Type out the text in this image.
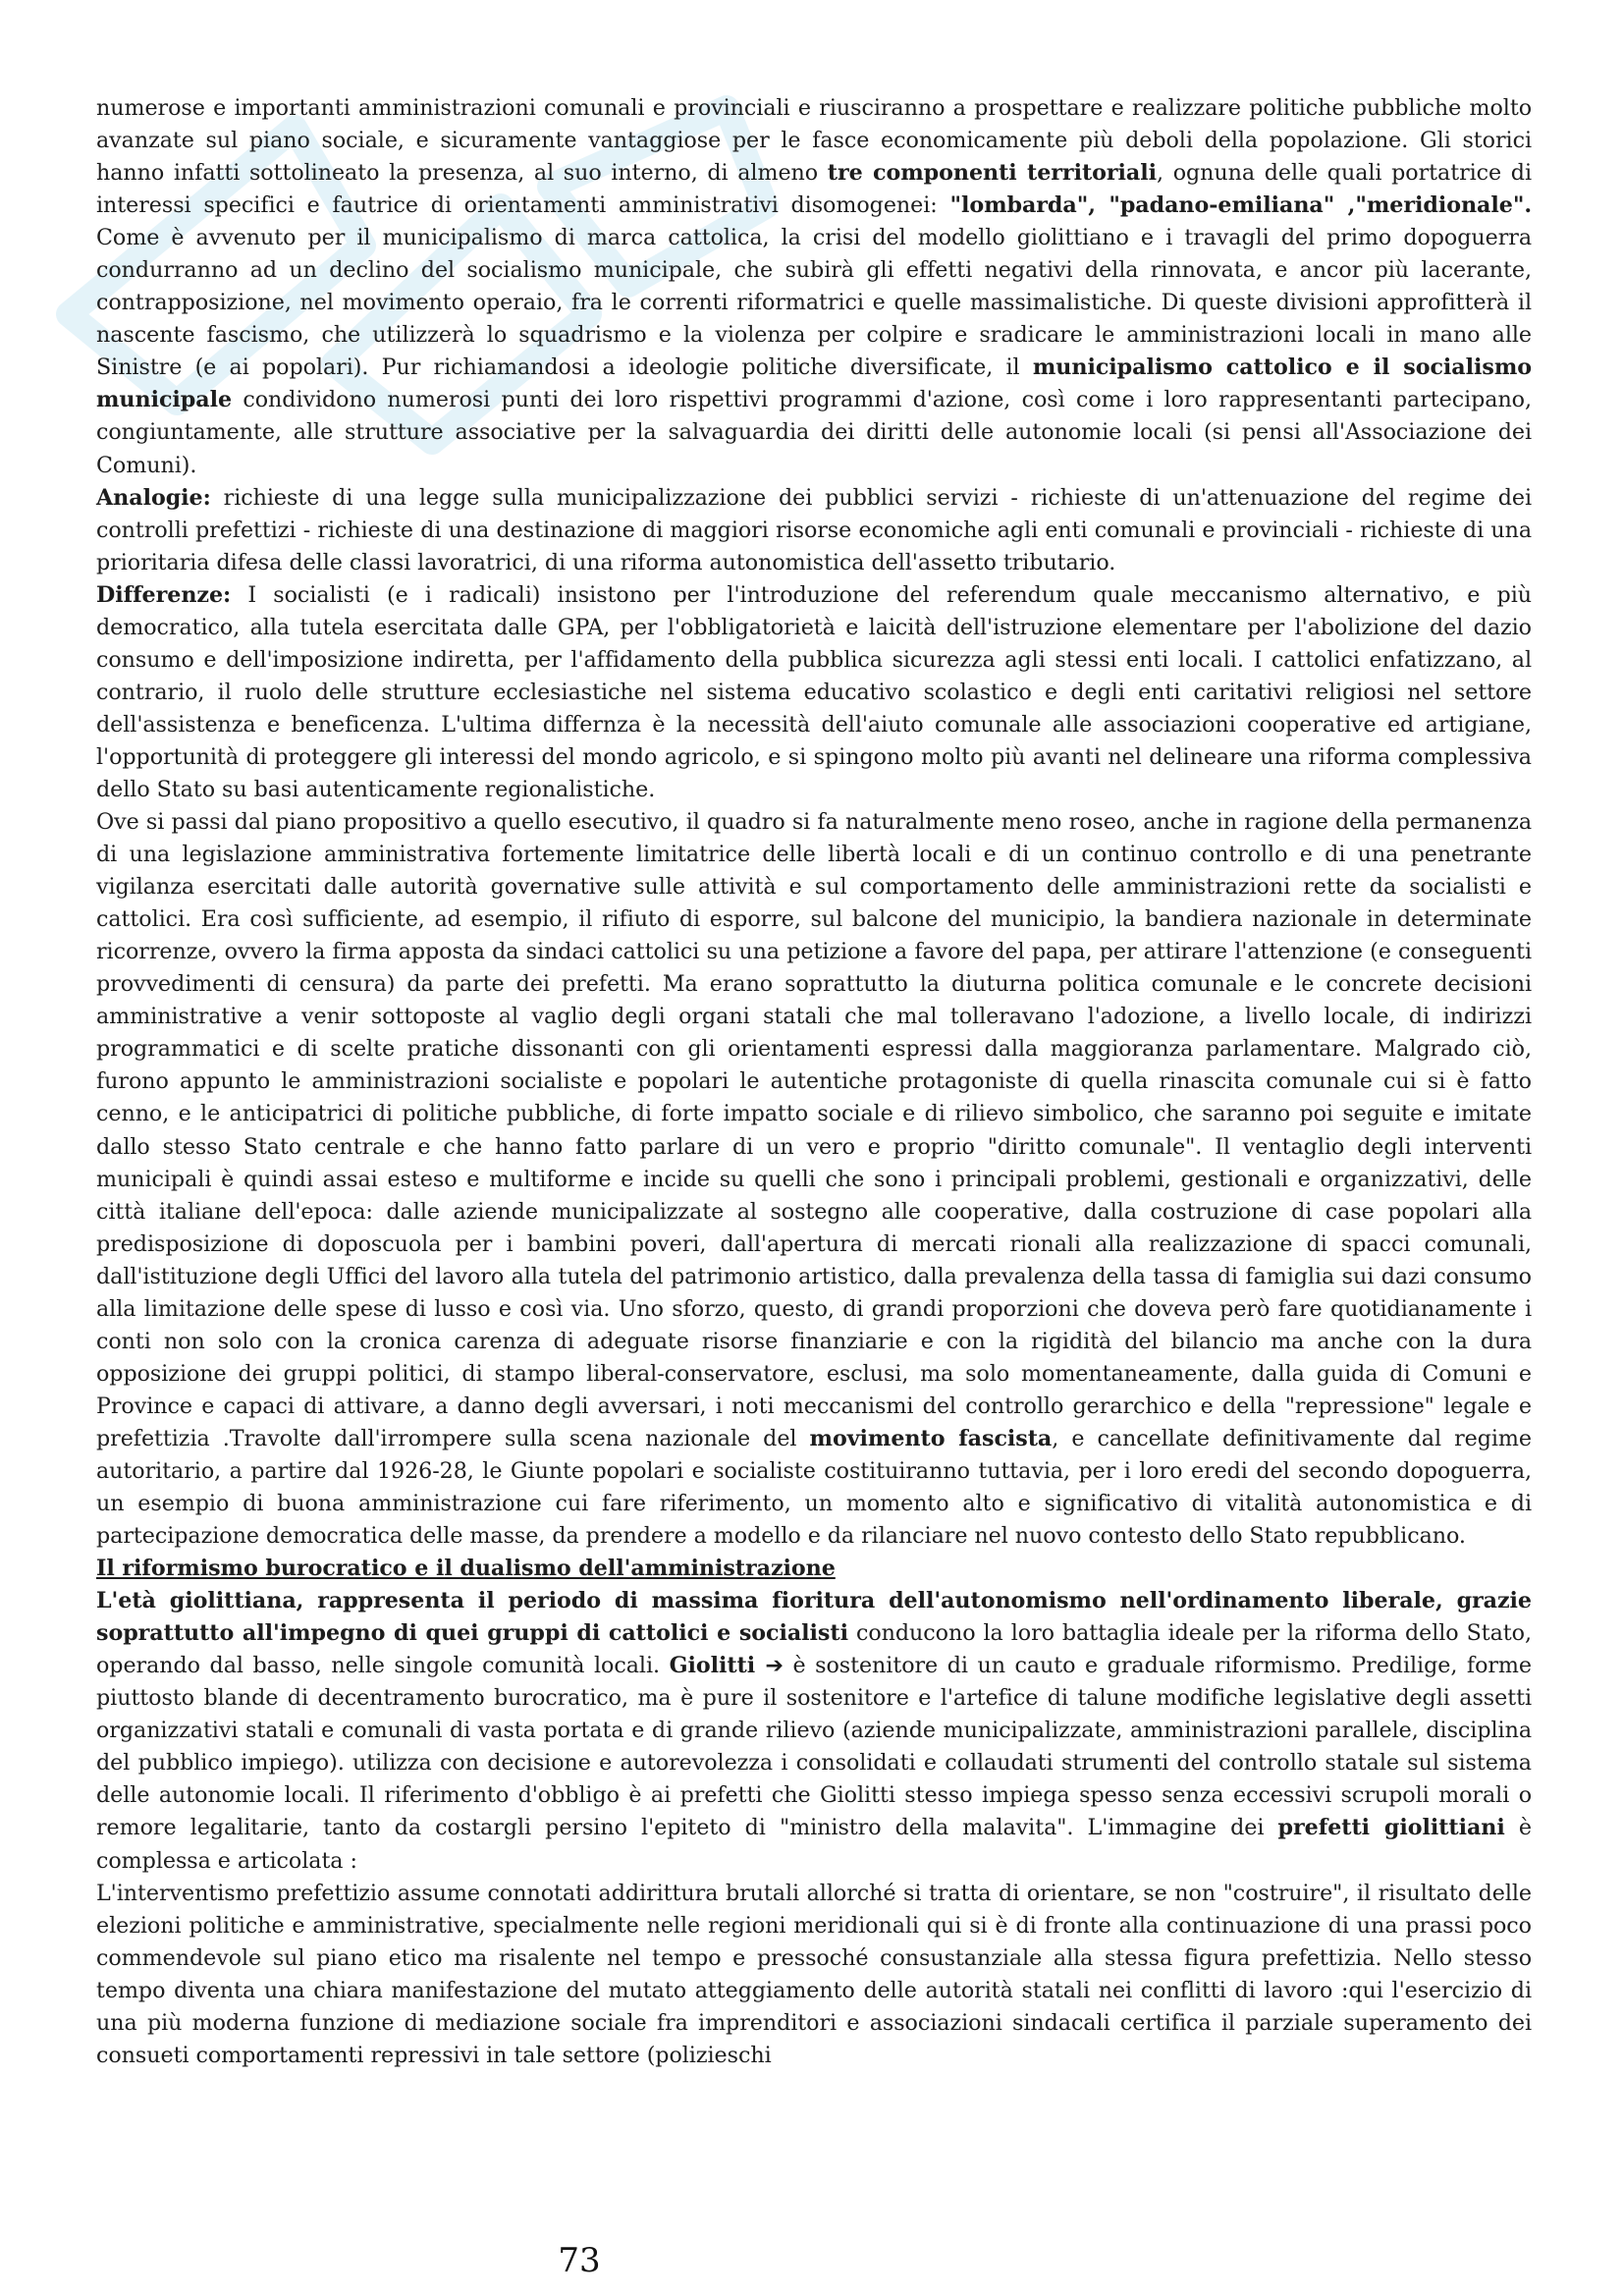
numerose e importanti amministrazioni comunali e provinciali e riusciranno a prospettare e realizzare politiche pubbliche molto avanzate sul piano sociale, e sicuramente vantaggiose per le fasce economicamente più deboli della popolazione. Gli storici hanno infatti sottolineato la presenza, al suo interno, di almeno tre componenti territoriali, ognuna delle quali portatrice di interessi specifici e fautrice di orientamenti amministrativi disomogenei: "lombarda", "padano-emiliana" ,"meridionale". Come è avvenuto per il municipalismo di marca cattolica, la crisi del modello giolittiano e i travagli del primo dopoguerra condurranno ad un declino del socialismo municipale, che subirà gli effetti negativi della rinnovata, e ancor più lacerante, contrapposizione, nel movimento operaio, fra le correnti riformatrici e quelle massimalistiche. Di queste divisioni approfitterà il nascente fascismo, che utilizzerà lo squadrismo e la violenza per colpire e sradicare le amministrazioni locali in mano alle Sinistre (e ai popolari). Pur richiamandosi a ideologie politiche diversificate, il municipalismo cattolico e il socialismo municipale condividono numerosi punti dei loro rispettivi programmi d'azione, così come i loro rappresentanti partecipano, congiuntamente, alle strutture associative per la salvaguardia dei diritti delle autonomie locali (si pensi all'Associazione dei Comuni).

Analogie: richieste di una legge sulla municipalizzazione dei pubblici servizi - richieste di un'attenuazione del regime dei controlli prefettizi - richieste di una destinazione di maggiori risorse economiche agli enti comunali e provinciali - richieste di una prioritaria difesa delle classi lavoratrici, di una riforma autonomistica dell'assetto tributario.

Differenze: I socialisti (e i radicali) insistono per l'introduzione del referendum quale meccanismo alternativo, e più democratico, alla tutela esercitata dalle GPA, per l'obbligatorietà e laicità dell'istruzione elementare per l'abolizione del dazio consumo e dell'imposizione indiretta, per l'affidamento della pubblica sicurezza agli stessi enti locali. I cattolici enfatizzano, al contrario, il ruolo delle strutture ecclesiastiche nel sistema educativo scolastico e degli enti caritativi religiosi nel settore dell'assistenza e beneficenza. L'ultima differnza è la necessità dell'aiuto comunale alle associazioni cooperative ed artigiane, l'opportunità di proteggere gli interessi del mondo agricolo, e si spingono molto più avanti nel delineare una riforma complessiva dello Stato su basi autenticamente regionalistiche.

Ove si passi dal piano propositivo a quello esecutivo, il quadro si fa naturalmente meno roseo, anche in ragione della permanenza di una legislazione amministrativa fortemente limitatrice delle libertà locali e di un continuo controllo e di una penetrante vigilanza esercitati dalle autorità governative sulle attività e sul comportamento delle amministrazioni rette da socialisti e cattolici. Era così sufficiente, ad esempio, il rifiuto di esporre, sul balcone del municipio, la bandiera nazionale in determinate ricorrenze, ovvero la firma apposta da sindaci cattolici su una petizione a favore del papa, per attirare l'attenzione (e conseguenti provvedimenti di censura) da parte dei prefetti. Ma erano soprattutto la diuturna politica comunale e le concrete decisioni amministrative a venir sottoposte al vaglio degli organi statali che mal tolleravano l'adozione, a livello locale, di indirizzi programmatici e di scelte pratiche dissonanti con gli orientamenti espressi dalla maggioranza parlamentare. Malgrado ciò, furono appunto le amministrazioni socialiste e popolari le autentiche protagoniste di quella rinascita comunale cui si è fatto cenno, e le anticipatrici di politiche pubbliche, di forte impatto sociale e di rilievo simbolico, che saranno poi seguite e imitate dallo stesso Stato centrale e che hanno fatto parlare di un vero e proprio "diritto comunale". Il ventaglio degli interventi municipali è quindi assai esteso e multiforme e incide su quelli che sono i principali problemi, gestionali e organizzativi, delle città italiane dell'epoca: dalle aziende municipalizzate al sostegno alle cooperative, dalla costruzione di case popolari alla predisposizione di doposcuola per i bambini poveri, dall'apertura di mercati rionali alla realizzazione di spacci comunali, dall'istituzione degli Uffici del lavoro alla tutela del patrimonio artistico, dalla prevalenza della tassa di famiglia sui dazi consumo alla limitazione delle spese di lusso e così via. Uno sforzo, questo, di grandi proporzioni che doveva però fare quotidianamente i conti non solo con la cronica carenza di adeguate risorse finanziarie e con la rigidità del bilancio ma anche con la dura opposizione dei gruppi politici, di stampo liberal-conservatore, esclusi, ma solo momentaneamente, dalla guida di Comuni e Province e capaci di attivare, a danno degli avversari, i noti meccanismi del controllo gerarchico e della "repressione" legale e prefettizia .Travolte dall'irrompere sulla scena nazionale del movimento fascista, e cancellate definitivamente dal regime autoritario, a partire dal 1926-28, le Giunte popolari e socialiste costituiranno tuttavia, per i loro eredi del secondo dopoguerra, un esempio di buona amministrazione cui fare riferimento, un momento alto e significativo di vitalità autonomistica e di partecipazione democratica delle masse, da prendere a modello e da rilanciare nel nuovo contesto dello Stato repubblicano.

Il riformismo burocratico e il dualismo dell'amministrazione

L'età giolittiana, rappresenta il periodo di massima fioritura dell'autonomismo nell'ordinamento liberale, grazie soprattutto all'impegno di quei gruppi di cattolici e socialisti conducono la loro battaglia ideale per la riforma dello Stato, operando dal basso, nelle singole comunità locali. Giolitti ➔ è sostenitore di un cauto e graduale riformismo. Predilige, forme piuttosto blande di decentramento burocratico, ma è pure il sostenitore e l'artefice di talune modifiche legislative degli assetti organizzativi statali e comunali di vasta portata e di grande rilievo (aziende municipalizzate, amministrazioni parallele, disciplina del pubblico impiego). utilizza con decisione e autorevolezza i consolidati e collaudati strumenti del controllo statale sul sistema delle autonomie locali. Il riferimento d'obbligo è ai prefetti che Giolitti stesso impiega spesso senza eccessivi scrupoli morali o remore legalitarie, tanto da costargli persino l'epiteto di "ministro della malavita". L'immagine dei prefetti giolittiani è complessa e articolata :

L'interventismo prefettizio assume connotati addirittura brutali allorché si tratta di orientare, se non "costruire", il risultato delle elezioni politiche e amministrative, specialmente nelle regioni meridionali qui si è di fronte alla continuazione di una prassi poco commendevole sul piano etico ma risalente nel tempo e pressoché consustanziale alla stessa figura prefettizia. Nello stesso tempo diventa una chiara manifestazione del mutato atteggiamento delle autorità statali nei conflitti di lavoro :qui l'esercizio di una più moderna funzione di mediazione sociale fra imprenditori e associazioni sindacali certifica il parziale superamento dei consueti comportamenti repressivi in tale settore (polizieschi

73
